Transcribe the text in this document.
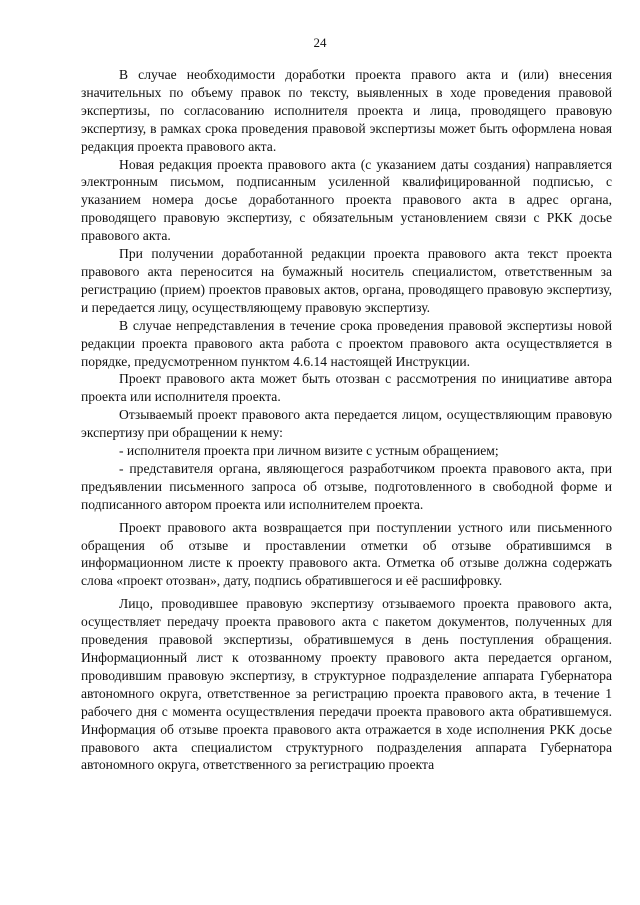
24

В случае необходимости доработки проекта правого акта и (или) внесения значительных по объему правок по тексту, выявленных в ходе проведения правовой экспертизы, по согласованию исполнителя проекта и лица, проводящего правовую экспертизу, в рамках срока проведения правовой экспертизы может быть оформлена новая редакция проекта правового акта.

Новая редакция проекта правового акта (с указанием даты создания) направляется электронным письмом, подписанным усиленной квалифицированной подписью, с указанием номера досье доработанного проекта правового акта в адрес органа, проводящего правовую экспертизу, с обязательным установлением связи с РКК досье правового акта.

При получении доработанной редакции проекта правового акта текст проекта правового акта переносится на бумажный носитель специалистом, ответственным за регистрацию (прием) проектов правовых актов, органа, проводящего правовую экспертизу, и передается лицу, осуществляющему правовую экспертизу.

В случае непредставления в течение срока проведения правовой экспертизы новой редакции проекта правового акта работа с проектом правового акта осуществляется в порядке, предусмотренном пунктом 4.6.14 настоящей Инструкции.

Проект правового акта может быть отозван с рассмотрения по инициативе автора проекта или исполнителя проекта.

Отзываемый проект правового акта передается лицом, осуществляющим правовую экспертизу при обращении к нему:

- исполнителя проекта при личном визите с устным обращением;

- представителя органа, являющегося разработчиком проекта правового акта, при предъявлении письменного запроса об отзыве, подготовленного в свободной форме и подписанного автором проекта или исполнителем проекта.

Проект правового акта возвращается при поступлении устного или письменного обращения об отзыве и проставлении отметки об отзыве обратившимся в информационном листе к проекту правового акта. Отметка об отзыве должна содержать слова «проект отозван», дату, подпись обратившегося и её расшифровку.

Лицо, проводившее правовую экспертизу отзываемого проекта правового акта, осуществляет передачу проекта правового акта с пакетом документов, полученных для проведения правовой экспертизы, обратившемуся в день поступления обращения. Информационный лист к отозванному проекту правового акта передается органом, проводившим правовую экспертизу, в структурное подразделение аппарата Губернатора автономного округа, ответственное за регистрацию проекта правового акта, в течение 1 рабочего дня с момента осуществления передачи проекта правового акта обратившемуся. Информация об отзыве проекта правового акта отражается в ходе исполнения РКК досье правового акта специалистом структурного подразделения аппарата Губернатора автономного округа, ответственного за регистрацию проекта
